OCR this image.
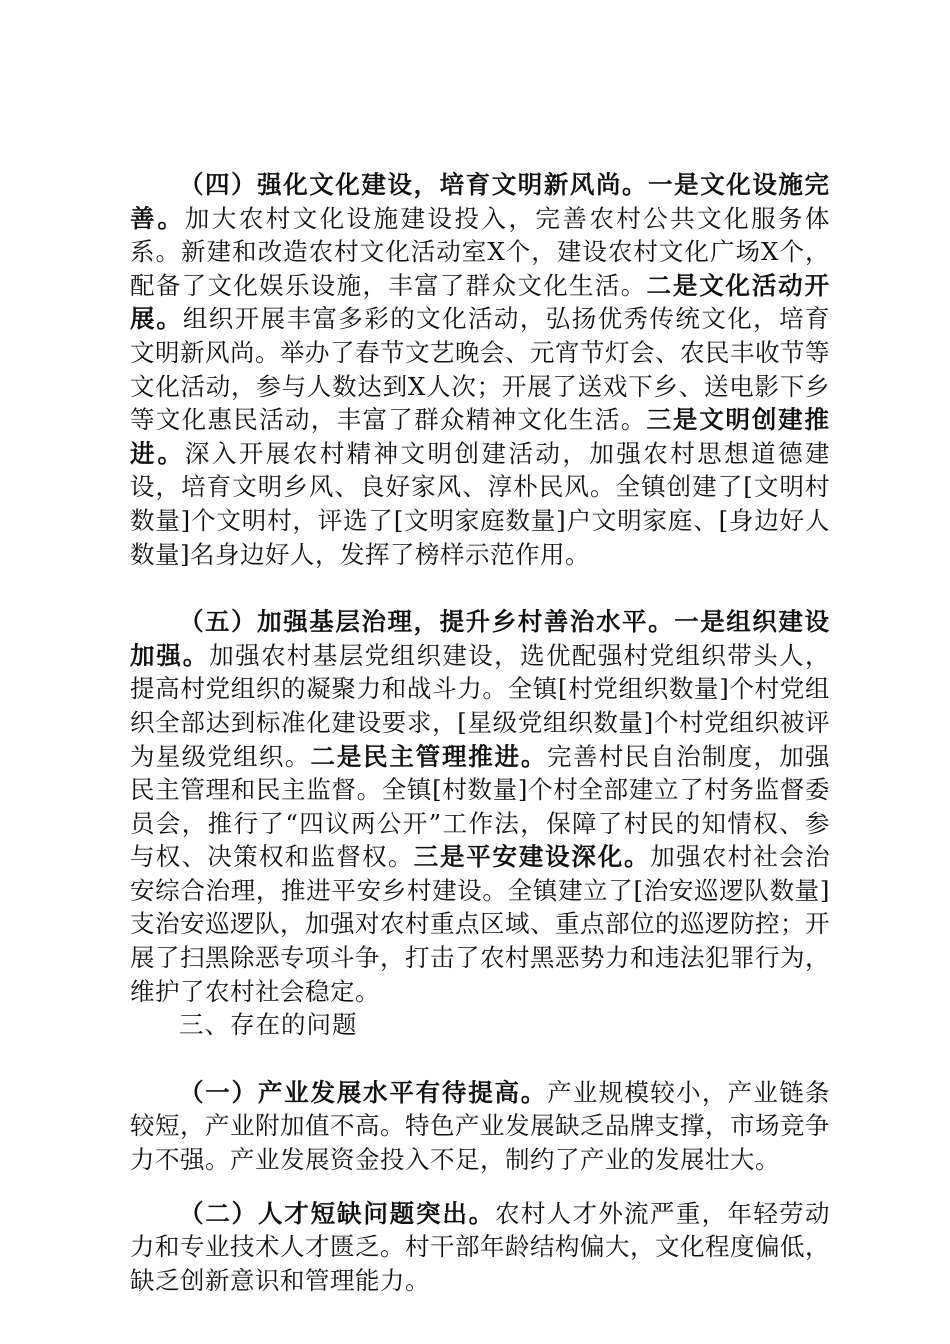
（四）强化文化建设，培育文明新风尚。一是文化设施完善。加大农村文化设施建设投入，完善农村公共文化服务体系。新建和改造农村文化活动室X个，建设农村文化广场X个，配备了文化娱乐设施，丰富了群众文化生活。二是文化活动开展。组织开展丰富多彩的文化活动，弘扬优秀传统文化，培育文明新风尚。举办了春节文艺晚会、元宵节灯会、农民丰收节等文化活动，参与人数达到X人次；开展了送戏下乡、送电影下乡等文化惠民活动，丰富了群众精神文化生活。三是文明创建推进。深入开展农村精神文明创建活动，加强农村思想道德建设，培育文明乡风、良好家风、淳朴民风。全镇创建了[文明村数量]个文明村，评选了[文明家庭数量]户文明家庭、[身边好人数量]名身边好人，发挥了榜样示范作用。

（五）加强基层治理，提升乡村善治水平。一是组织建设加强。加强农村基层党组织建设，选优配强村党组织带头人，提高村党组织的凝聚力和战斗力。全镇[村党组织数量]个村党组织全部达到标准化建设要求，[星级党组织数量]个村党组织被评为星级党组织。二是民主管理推进。完善村民自治制度，加强民主管理和民主监督。全镇[村数量]个村全部建立了村务监督委员会，推行了“四议两公开”工作法，保障了村民的知情权、参与权、决策权和监督权。三是平安建设深化。加强农村社会治安综合治理，推进平安乡村建设。全镇建立了[治安巡逻队数量]支治安巡逻队，加强对农村重点区域、重点部位的巡逻防控；开展了扫黑除恶专项斗争，打击了农村黑恶势力和违法犯罪行为，维护了农村社会稳定。

三、存在的问题

（一）产业发展水平有待提高。产业规模较小，产业链条较短，产业附加值不高。特色产业发展缺乏品牌支撑，市场竞争力不强。产业发展资金投入不足，制约了产业的发展壮大。

（二）人才短缺问题突出。农村人才外流严重，年轻劳动力和专业技术人才匮乏。村干部年龄结构偏大，文化程度偏低，缺乏创新意识和管理能力。
